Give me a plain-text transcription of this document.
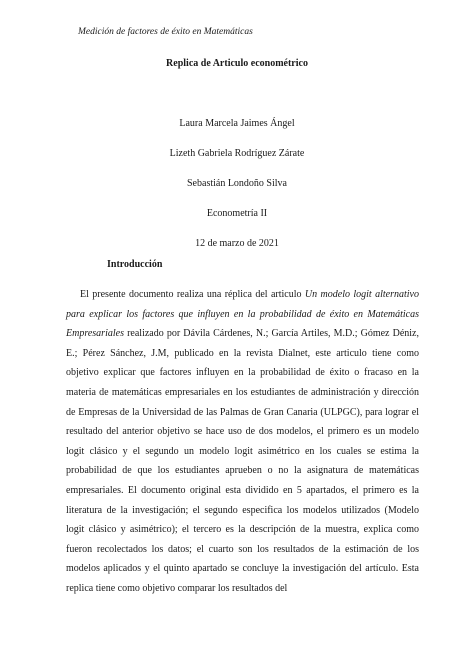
Medición de factores de éxito en Matemáticas
Replica de Articulo econométrico
Laura Marcela Jaimes Ángel
Lizeth Gabriela Rodríguez Zárate
Sebastián Londoño Silva
Econometría II
12 de marzo de 2021
Introducción

El presente documento realiza una réplica del articulo Un modelo logit alternativo para explicar los factores que influyen en la probabilidad de éxito en Matemáticas Empresariales realizado por Dávila Cárdenes, N.; García Artiles, M.D.; Gómez Déniz, E.; Pérez Sánchez, J.M, publicado en la revista Dialnet, este articulo tiene como objetivo explicar que factores influyen en la probabilidad de éxito o fracaso en la materia de matemáticas empresariales en los estudiantes de administración y dirección de Empresas de la Universidad de las Palmas de Gran Canaria (ULPGC), para lograr el resultado del anterior objetivo se hace uso de dos modelos, el primero es un modelo logit clásico y el segundo un modelo logit asimétrico en los cuales se estima la probabilidad de que los estudiantes aprueben o no la asignatura de matemáticas empresariales. El documento original esta dividido en 5 apartados, el primero es la literatura de la investigación; el segundo especifica los modelos utilizados (Modelo logit clásico y asimétrico); el tercero es la descripción de la muestra, explica como fueron recolectados los datos; el cuarto son los resultados de la estimación de los modelos aplicados y el quinto apartado se concluye la investigación del artículo. Esta replica tiene como objetivo comparar los resultados del
